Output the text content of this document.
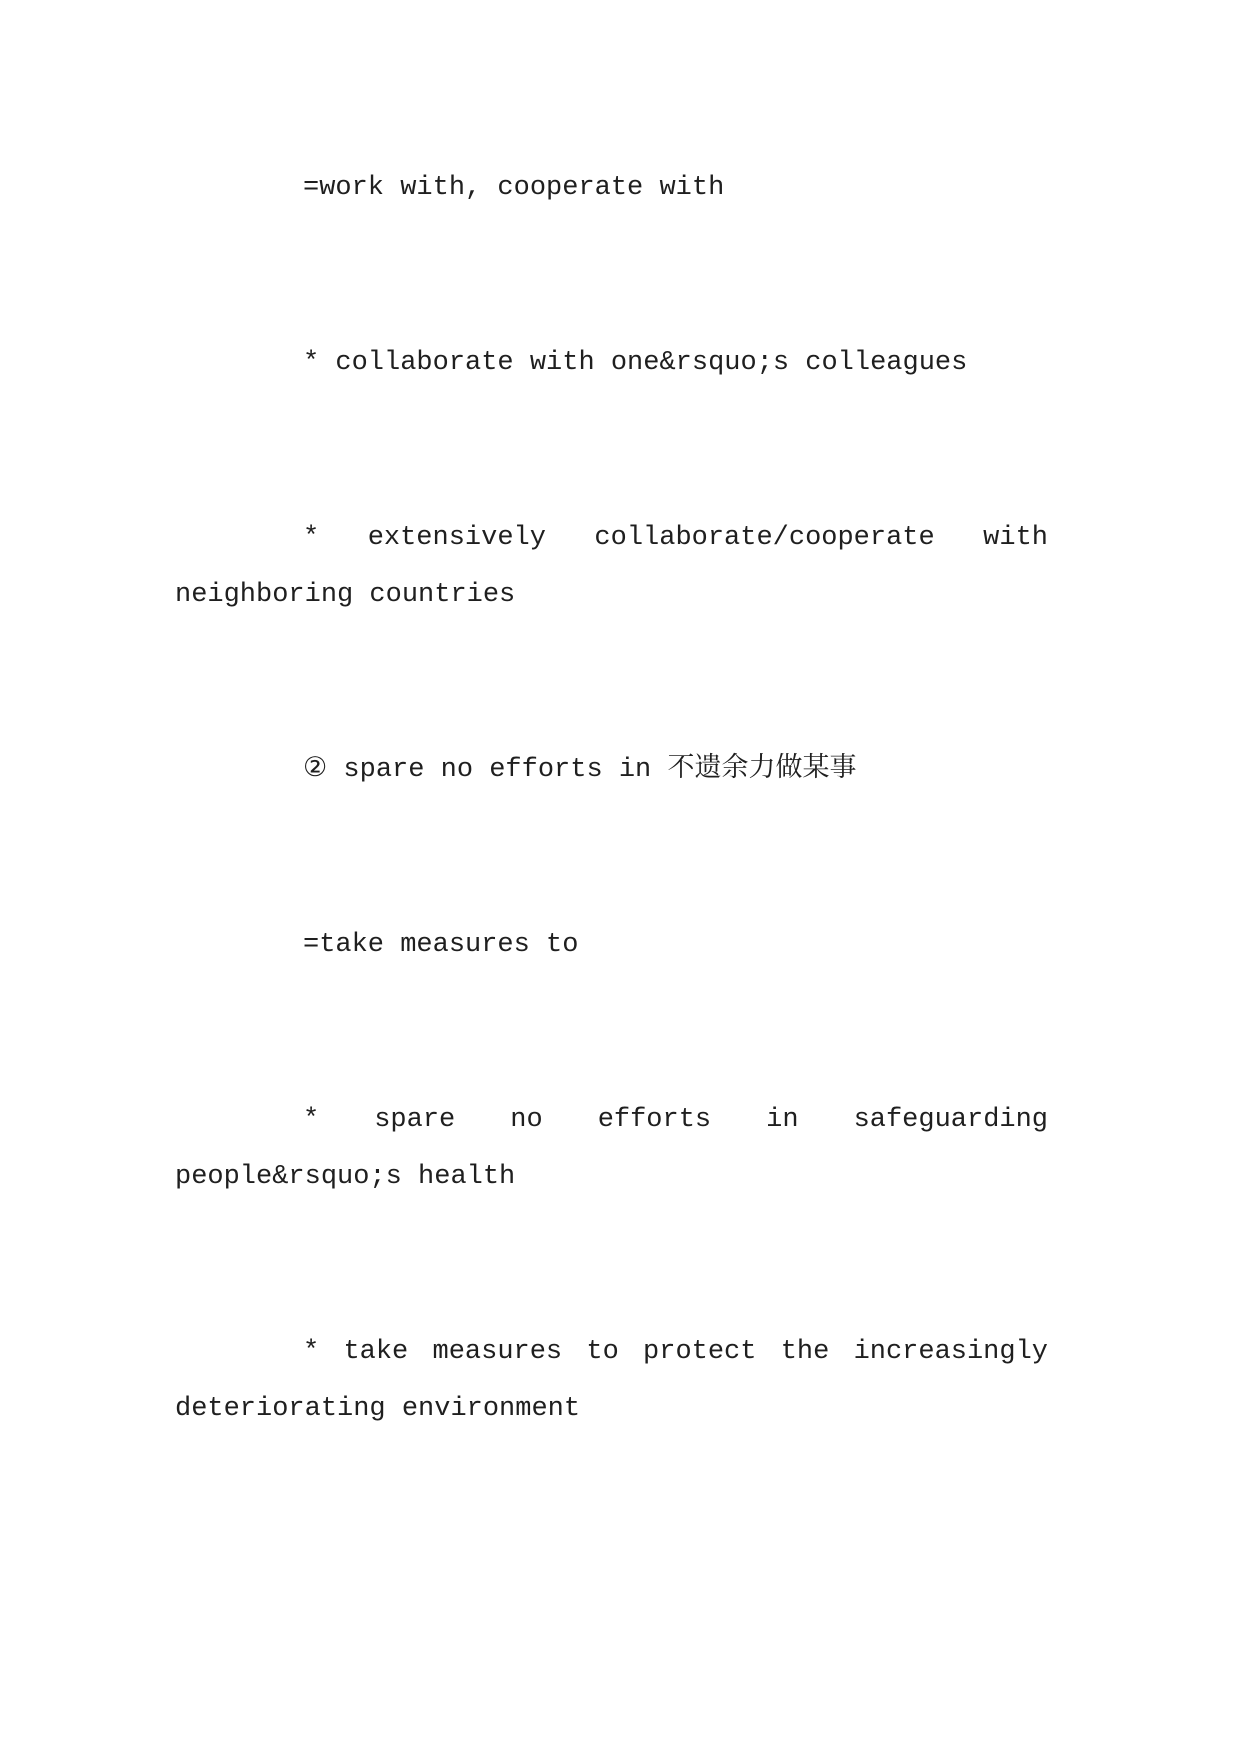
=work with, cooperate with

* collaborate with one&rsquo;s colleagues

* extensively collaborate/cooperate with neighboring countries

② spare no efforts in 不遗余力做某事

=take measures to

* spare no efforts in safeguarding people&rsquo;s health

* take measures to protect the increasingly deteriorating environment
